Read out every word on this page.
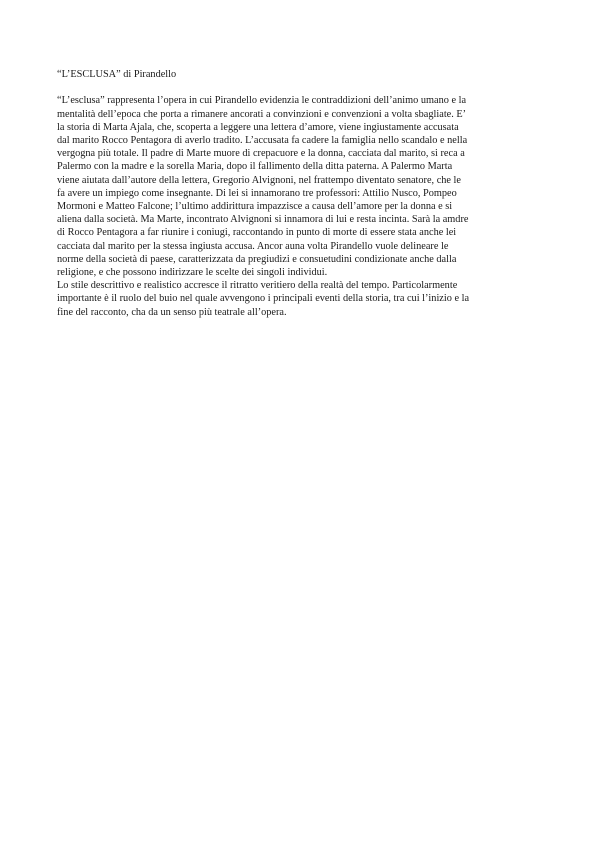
“L’ESCLUSA” di Pirandello
“L’esclusa” rappresenta l’opera in cui Pirandello evidenzia le contraddizioni dell’animo umano e la
mentalità dell’epoca che porta a rimanere ancorati a convinzioni e convenzioni a volta sbagliate. E’
la storia di Marta Ajala, che, scoperta a leggere una lettera d’amore, viene ingiustamente accusata
dal marito Rocco Pentagora di averlo tradito. L’accusata fa cadere la famiglia nello scandalo e nella
vergogna più totale. Il padre di Marte muore di crepacuore e la donna, cacciata dal marito, si reca a
Palermo con la madre e la sorella Maria, dopo il fallimento della ditta paterna. A Palermo Marta
viene aiutata dall’autore della lettera, Gregorio Alvignoni, nel frattempo diventato senatore, che le
fa avere un impiego come insegnante. Di lei si innamorano tre professori: Attilio Nusco, Pompeo
Mormoni e Matteo Falcone; l’ultimo addirittura impazzisce a causa dell’amore per la donna e si
aliena dalla società. Ma Marte, incontrato Alvignoni si innamora di lui e resta incinta. Sarà la amdre
di Rocco Pentagora a far riunire i coniugi, raccontando in punto di morte di essere stata anche lei
cacciata dal marito per la stessa ingiusta accusa. Ancor auna volta Pirandello vuole delineare le
norme della società di paese, caratterizzata da pregiudizi e consuetudini condizionate anche dalla
religione, e che possono indirizzare le scelte dei singoli individui.
Lo stile descrittivo e realistico accresce il ritratto veritiero della realtà del tempo. Particolarmente
importante è il ruolo del buio nel quale avvengono i principali eventi della storia, tra cui l’inizio e la
fine del racconto, cha da un senso più teatrale all’opera.
